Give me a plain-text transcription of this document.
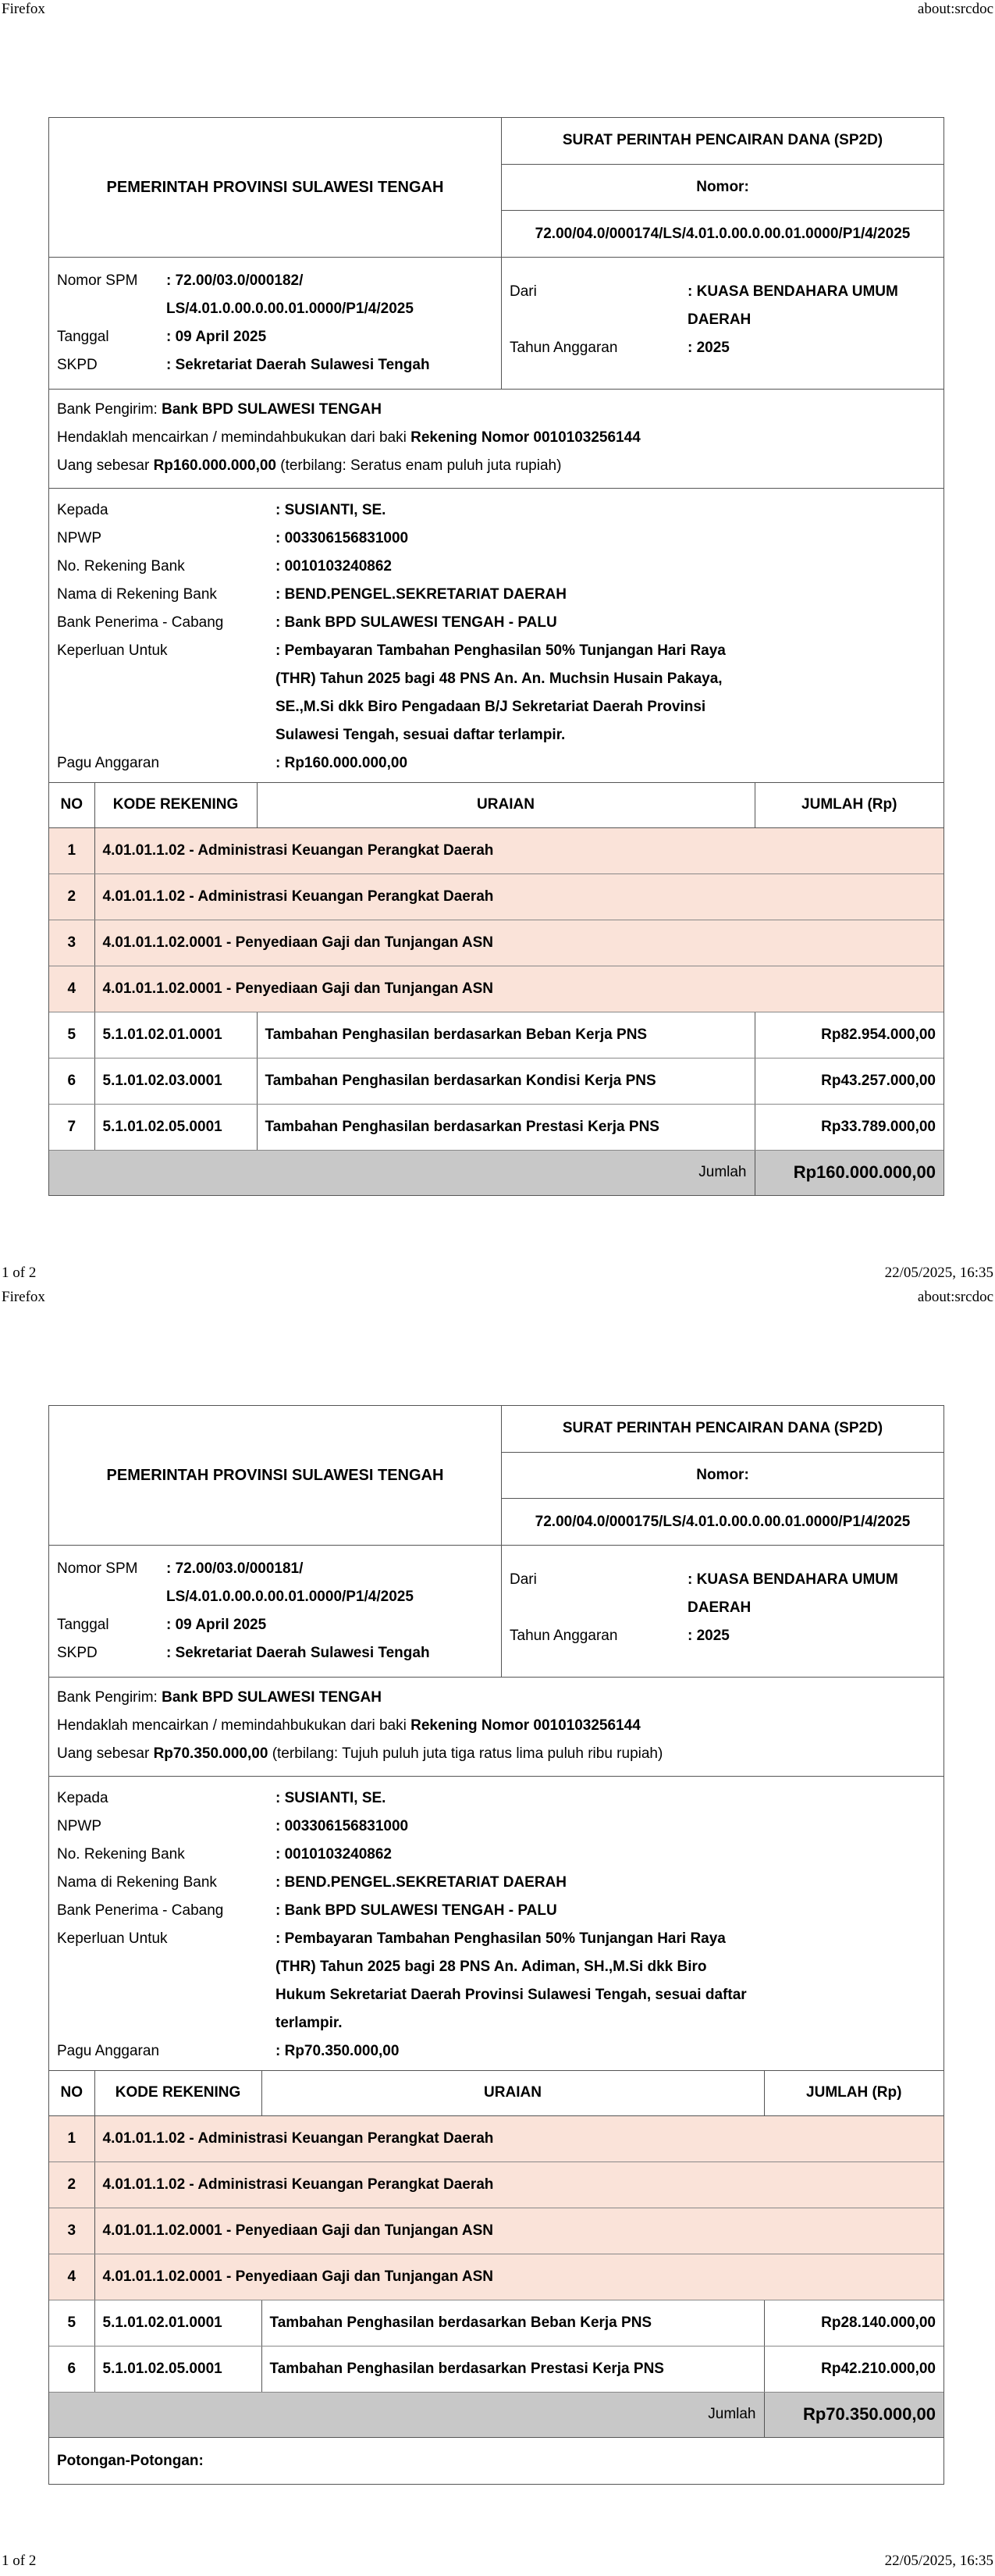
Firefox	about:srcdoc
PEMERINTAH PROVINSI SULAWESI TENGAH
SURAT PERINTAH PENCAIRAN DANA (SP2D)
Nomor:
72.00/04.0/000174/LS/4.01.0.00.0.00.01.0000/P1/4/2025
Nomor SPM	: 72.00/03.0/000182/
LS/4.01.0.00.0.00.01.0000/P1/4/2025
Tanggal	: 09 April 2025
SKPD	: Sekretariat Daerah Sulawesi Tengah
Dari	: KUASA BENDAHARA UMUM
DAERAH
Tahun Anggaran	: 2025
Bank Pengirim: Bank BPD SULAWESI TENGAH
Hendaklah mencairkan / memindahbukukan dari baki Rekening Nomor 0010103256144
Uang sebesar Rp160.000.000,00 (terbilang: Seratus enam puluh juta rupiah)
Kepada	: SUSIANTI, SE.
NPWP	: 003306156831000
No. Rekening Bank	: 0010103240862
Nama di Rekening Bank	: BEND.PENGEL.SEKRETARIAT DAERAH
Bank Penerima - Cabang	: Bank BPD SULAWESI TENGAH - PALU
Keperluan Untuk	: Pembayaran Tambahan Penghasilan 50% Tunjangan Hari Raya
(THR) Tahun 2025 bagi 48 PNS An. An. Muchsin Husain Pakaya,
SE.,M.Si dkk Biro Pengadaan B/J Sekretariat Daerah Provinsi
Sulawesi Tengah, sesuai daftar terlampir.
Pagu Anggaran	: Rp160.000.000,00
NO	KODE REKENING	URAIAN	JUMLAH (Rp)
1	4.01.01.1.02 - Administrasi Keuangan Perangkat Daerah		
2	4.01.01.1.02 - Administrasi Keuangan Perangkat Daerah		
3	4.01.01.1.02.0001 - Penyediaan Gaji dan Tunjangan ASN		
4	4.01.01.1.02.0001 - Penyediaan Gaji dan Tunjangan ASN		
5	5.1.01.02.01.0001	Tambahan Penghasilan berdasarkan Beban Kerja PNS	Rp82.954.000,00
6	5.1.01.02.03.0001	Tambahan Penghasilan berdasarkan Kondisi Kerja PNS	Rp43.257.000,00
7	5.1.01.02.05.0001	Tambahan Penghasilan berdasarkan Prestasi Kerja PNS	Rp33.789.000,00
Jumlah			Rp160.000.000,00
1 of 2	22/05/2025, 16:35
Firefox	about:srcdoc
PEMERINTAH PROVINSI SULAWESI TENGAH
SURAT PERINTAH PENCAIRAN DANA (SP2D)
Nomor:
72.00/04.0/000175/LS/4.01.0.00.0.00.01.0000/P1/4/2025
Nomor SPM	: 72.00/03.0/000181/
LS/4.01.0.00.0.00.01.0000/P1/4/2025
Tanggal	: 09 April 2025
SKPD	: Sekretariat Daerah Sulawesi Tengah
Dari	: KUASA BENDAHARA UMUM
DAERAH
Tahun Anggaran	: 2025
Bank Pengirim: Bank BPD SULAWESI TENGAH
Hendaklah mencairkan / memindahbukukan dari baki Rekening Nomor 0010103256144
Uang sebesar Rp70.350.000,00 (terbilang: Tujuh puluh juta tiga ratus lima puluh ribu rupiah)
Kepada	: SUSIANTI, SE.
NPWP	: 003306156831000
No. Rekening Bank	: 0010103240862
Nama di Rekening Bank	: BEND.PENGEL.SEKRETARIAT DAERAH
Bank Penerima - Cabang	: Bank BPD SULAWESI TENGAH - PALU
Keperluan Untuk	: Pembayaran Tambahan Penghasilan 50% Tunjangan Hari Raya
(THR) Tahun 2025 bagi 28 PNS An. Adiman, SH.,M.Si dkk Biro
Hukum Sekretariat Daerah Provinsi Sulawesi Tengah, sesuai daftar
terlampir.
Pagu Anggaran	: Rp70.350.000,00
NO	KODE REKENING	URAIAN	JUMLAH (Rp)
1	4.01.01.1.02 - Administrasi Keuangan Perangkat Daerah		
2	4.01.01.1.02 - Administrasi Keuangan Perangkat Daerah		
3	4.01.01.1.02.0001 - Penyediaan Gaji dan Tunjangan ASN		
4	4.01.01.1.02.0001 - Penyediaan Gaji dan Tunjangan ASN		
5	5.1.01.02.01.0001	Tambahan Penghasilan berdasarkan Beban Kerja PNS	Rp28.140.000,00
6	5.1.01.02.05.0001	Tambahan Penghasilan berdasarkan Prestasi Kerja PNS	Rp42.210.000,00
Jumlah			Rp70.350.000,00
Potongan-Potongan:
1 of 2	22/05/2025, 16:35
